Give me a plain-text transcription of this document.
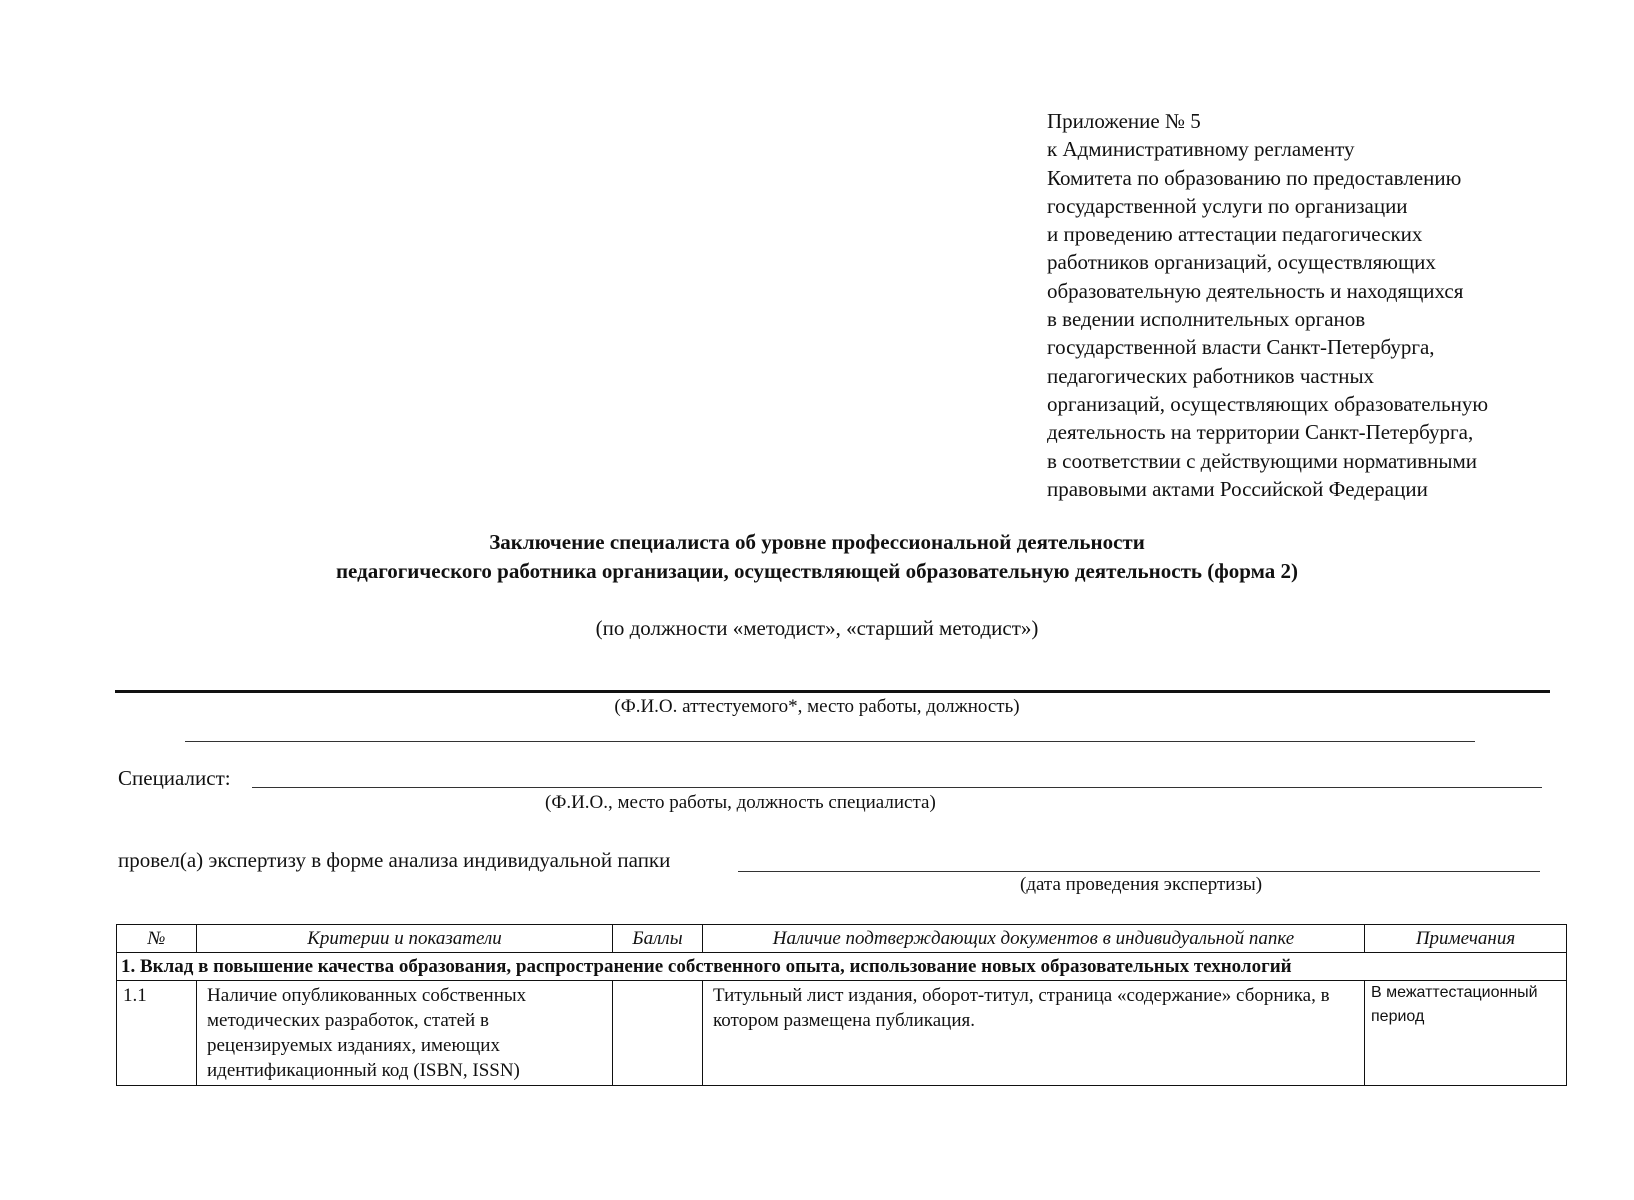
Приложение № 5
к Административному регламенту
Комитета по образованию по предоставлению
государственной услуги по организации
и проведению аттестации педагогических
работников организаций, осуществляющих
образовательную деятельность и находящихся
в ведении исполнительных органов
государственной власти Санкт-Петербурга,
педагогических работников частных
организаций, осуществляющих образовательную
деятельность на территории Санкт-Петербурга,
в соответствии с действующими нормативными
правовыми актами Российской Федерации
Заключение специалиста об уровне профессиональной деятельности
педагогического работника организации, осуществляющей образовательную деятельность (форма 2)
(по должности «методист», «старший методист»)
(Ф.И.О. аттестуемого*, место работы, должность)
Специалист:
(Ф.И.О., место работы, должность специалиста)
провел(а) экспертизу в форме анализа индивидуальной папки
(дата проведения экспертизы)
№	Критерии и показатели	Баллы	Наличие подтверждающих документов в индивидуальной папке	Примечания
1. Вклад в повышение качества образования, распространение собственного опыта, использование новых образовательных технологий				
1.1	Наличие опубликованных собственных методических разработок, статей в рецензируемых изданиях, имеющих идентификационный код (ISBN, ISSN)		Титульный лист издания, оборот-титул, страница «содержание» сборника, в котором размещена публикация.	В межаттестационный период
